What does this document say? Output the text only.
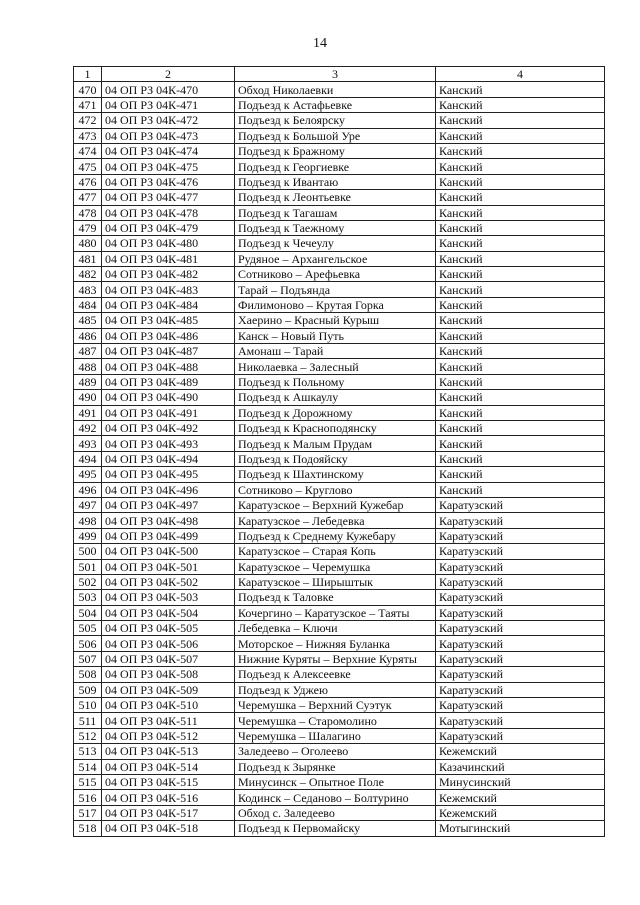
14
1	2	3	4
470	04 ОП РЗ 04К-470	Обход Николаевки	Канский
471	04 ОП РЗ 04К-471	Подъезд к Астафьевке	Канский
472	04 ОП РЗ 04К-472	Подъезд к Белоярску	Канский
473	04 ОП РЗ 04К-473	Подъезд к Большой Уре	Канский
474	04 ОП РЗ 04К-474	Подъезд к Бражному	Канский
475	04 ОП РЗ 04К-475	Подъезд к Георгиевке	Канский
476	04 ОП РЗ 04К-476	Подъезд к Ивантаю	Канский
477	04 ОП РЗ 04К-477	Подъезд к Леонтьевке	Канский
478	04 ОП РЗ 04К-478	Подъезд к Тагашам	Канский
479	04 ОП РЗ 04К-479	Подъезд к Таежному	Канский
480	04 ОП РЗ 04К-480	Подъезд к Чечеулу	Канский
481	04 ОП РЗ 04К-481	Рудяное – Архангельское	Канский
482	04 ОП РЗ 04К-482	Сотниково – Арефьевка	Канский
483	04 ОП РЗ 04К-483	Тарай – Подъянда	Канский
484	04 ОП РЗ 04К-484	Филимоново – Крутая Горка	Канский
485	04 ОП РЗ 04К-485	Хаерино – Красный Курыш	Канский
486	04 ОП РЗ 04К-486	Канск – Новый Путь	Канский
487	04 ОП РЗ 04К-487	Амонаш – Тарай	Канский
488	04 ОП РЗ 04К-488	Николаевка – Залесный	Канский
489	04 ОП РЗ 04К-489	Подъезд к Польному	Канский
490	04 ОП РЗ 04К-490	Подъезд к Ашкаулу	Канский
491	04 ОП РЗ 04К-491	Подъезд к Дорожному	Канский
492	04 ОП РЗ 04К-492	Подъезд к Красноподянску	Канский
493	04 ОП РЗ 04К-493	Подъезд к Малым Прудам	Канский
494	04 ОП РЗ 04К-494	Подъезд к Подояйску	Канский
495	04 ОП РЗ 04К-495	Подъезд к Шахтинскому	Канский
496	04 ОП РЗ 04К-496	Сотниково – Круглово	Канский
497	04 ОП РЗ 04К-497	Каратузское – Верхний Кужебар	Каратузский
498	04 ОП РЗ 04К-498	Каратузское – Лебедевка	Каратузский
499	04 ОП РЗ 04К-499	Подъезд к Среднему Кужебару	Каратузский
500	04 ОП РЗ 04К-500	Каратузское – Старая Копь	Каратузский
501	04 ОП РЗ 04К-501	Каратузское – Черемушка	Каратузский
502	04 ОП РЗ 04К-502	Каратузское – Ширыштык	Каратузский
503	04 ОП РЗ 04К-503	Подъезд к Таловке	Каратузский
504	04 ОП РЗ 04К-504	Кочергино – Каратузское – Таяты	Каратузский
505	04 ОП РЗ 04К-505	Лебедевка – Ключи	Каратузский
506	04 ОП РЗ 04К-506	Моторское – Нижняя Буланка	Каратузский
507	04 ОП РЗ 04К-507	Нижние Куряты – Верхние Куряты	Каратузский
508	04 ОП РЗ 04К-508	Подъезд к Алексеевке	Каратузский
509	04 ОП РЗ 04К-509	Подъезд к Уджею	Каратузский
510	04 ОП РЗ 04К-510	Черемушка – Верхний Суэтук	Каратузский
511	04 ОП РЗ 04К-511	Черемушка – Старомолино	Каратузский
512	04 ОП РЗ 04К-512	Черемушка – Шалагино	Каратузский
513	04 ОП РЗ 04К-513	Заледеево – Оголеево	Кежемский
514	04 ОП РЗ 04К-514	Подъезд к Зырянке	Казачинский
515	04 ОП РЗ 04К-515	Минусинск – Опытное Поле	Минусинский
516	04 ОП РЗ 04К-516	Кодинск – Седаново – Болтурино	Кежемский
517	04 ОП РЗ 04К-517	Обход с. Заледеево	Кежемский
518	04 ОП РЗ 04К-518	Подъезд к Первомайску	Мотыгинский
